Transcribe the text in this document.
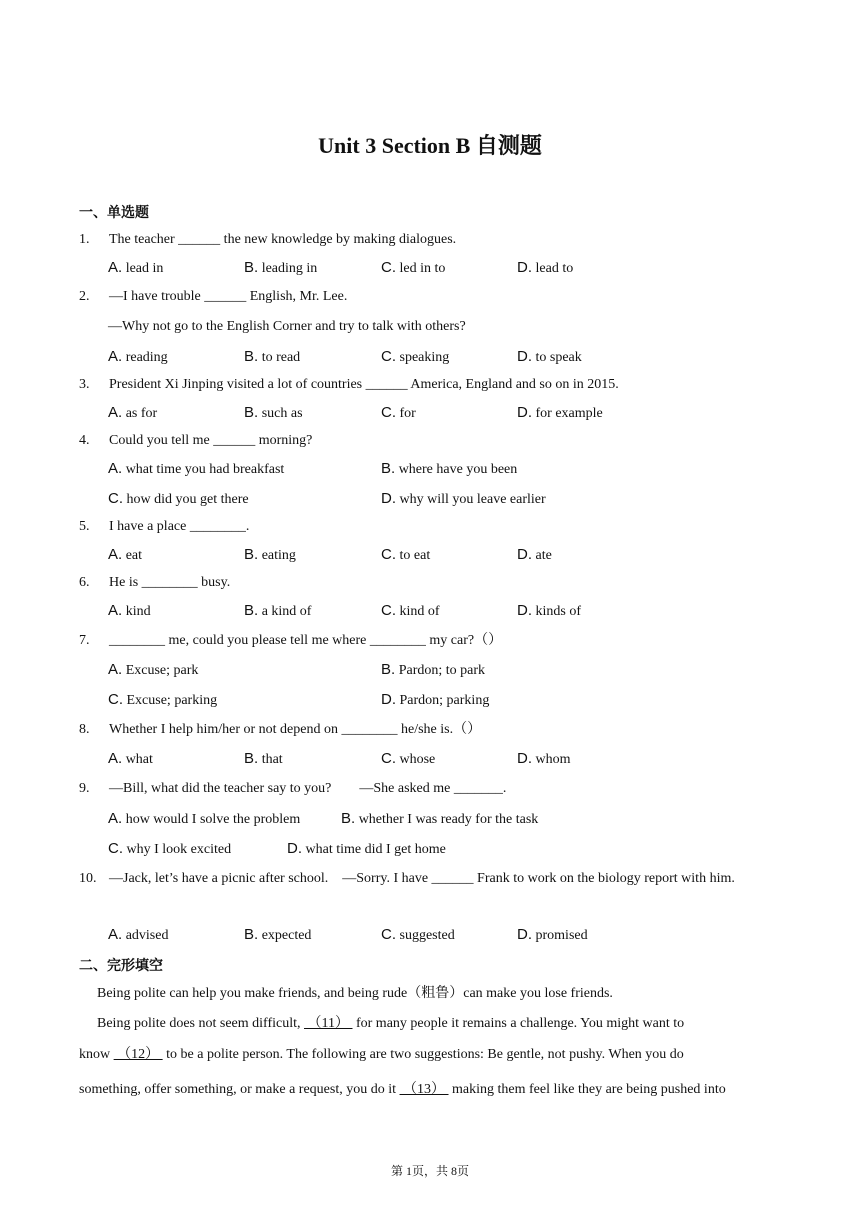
Unit 3 Section B 自测题
一、单选题
1.	The teacher ______ the new knowledge by making dialogues.
A. lead in	B. leading in	C. led in to	D. lead to
2.	—I have trouble ______ English, Mr. Lee.
—Why not go to the English Corner and try to talk with others?
A. reading	B. to read	C. speaking	D. to speak
3.	President Xi Jinping visited a lot of countries ______ America, England and so on in 2015.
A. as for	B. such as	C. for	D. for example
4.	Could you tell me ______ morning?
A. what time you had breakfast	B. where have you been
C. how did you get there	D. why will you leave earlier
5.	I have a place ________.
A. eat	B. eating	C. to eat	D. ate
6.	He is ________ busy.
A. kind	B. a kind of	C. kind of	D. kinds of
7.	________ me, could you please tell me where ________ my car?（）
A. Excuse; park	B. Pardon; to park
C. Excuse; parking	D. Pardon; parking
8.	Whether I help him/her or not depend on ________ he/she is.（）
A. what	B. that	C. whose	D. whom
9.	—Bill, what did the teacher say to you?　　—She asked me _______.
A. how would I solve the problem	B. whether I was ready for the task
C. why I look excited	D. what time did I get home
10. —Jack, let’s have a picnic after school.　—Sorry. I have ______ Frank to work on the biology report with him.
A. advised	B. expected	C. suggested	D. promised
二、完形填空
Being polite can help you make friends, and being rude（粗鲁）can make you lose friends.
Being polite does not seem difficult,  （11）  for many people it remains a challenge. You might want to
know  （12）  to be a polite person. The following are two suggestions: Be gentle, not pushy. When you do
something, offer something, or make a request, you do it  （13）  making them feel like they are being pushed into
第 1页，共 8页
